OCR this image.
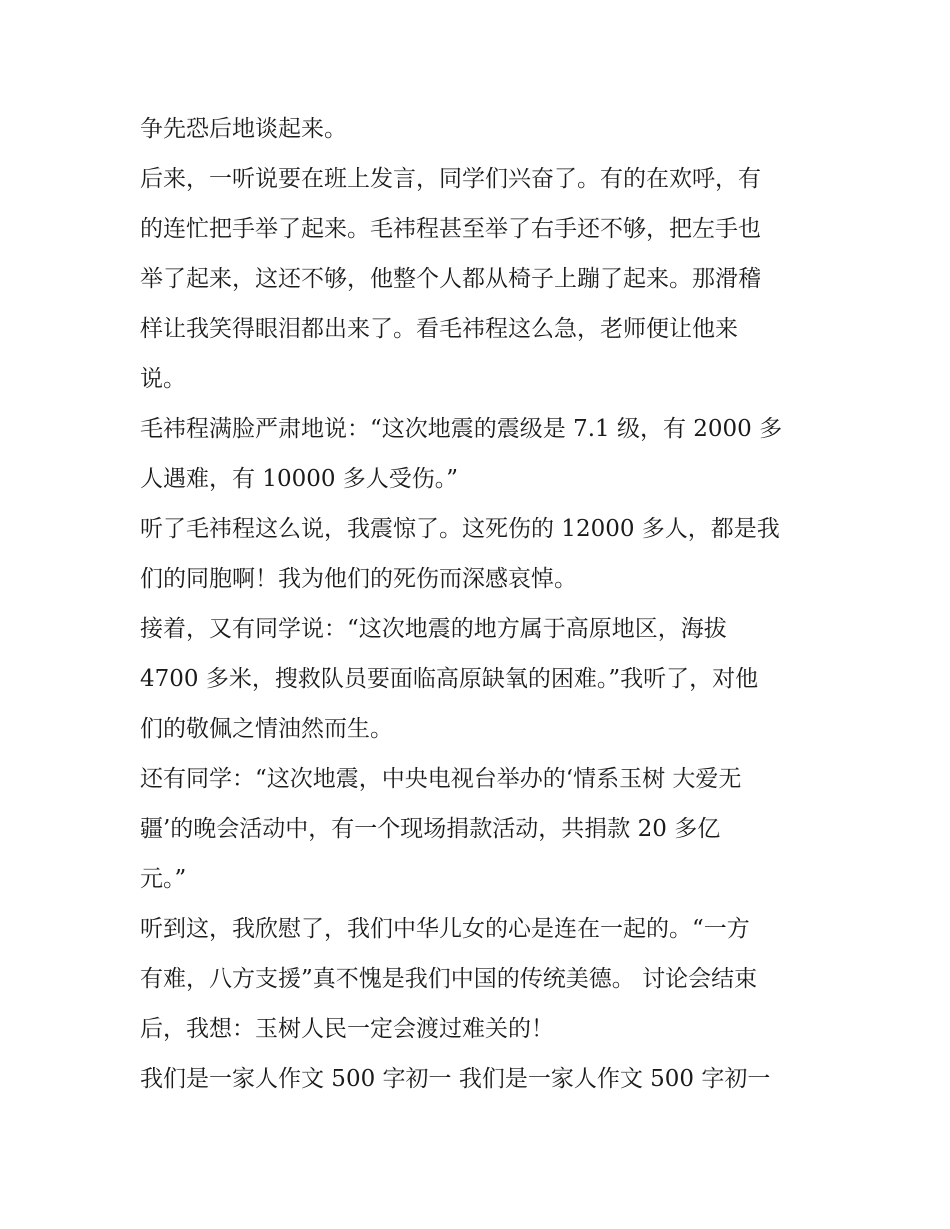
争先恐后地谈起来。
后来，一听说要在班上发言，同学们兴奋了。有的在欢呼，有
的连忙把手举了起来。毛祎程甚至举了右手还不够，把左手也
举了起来，这还不够，他整个人都从椅子上蹦了起来。那滑稽
样让我笑得眼泪都出来了。看毛祎程这么急，老师便让他来
说。
毛祎程满脸严肃地说：“这次地震的震级是 7.1 级，有 2000 多
人遇难，有 10000 多人受伤。”
听了毛祎程这么说，我震惊了。这死伤的 12000 多人，都是我
们的同胞啊！我为他们的死伤而深感哀悼。
接着，又有同学说：“这次地震的地方属于高原地区，海拔
4700 多米，搜救队员要面临高原缺氧的困难。”我听了，对他
们的敬佩之情油然而生。
还有同学：“这次地震，中央电视台举办的‘情系玉树 大爱无
疆’的晚会活动中，有一个现场捐款活动，共捐款 20 多亿
元。”
听到这，我欣慰了，我们中华儿女的心是连在一起的。“一方
有难，八方支援”真不愧是我们中国的传统美德。 讨论会结束
后，我想：玉树人民一定会渡过难关的！
我们是一家人作文 500 字初一 我们是一家人作文 500 字初一
